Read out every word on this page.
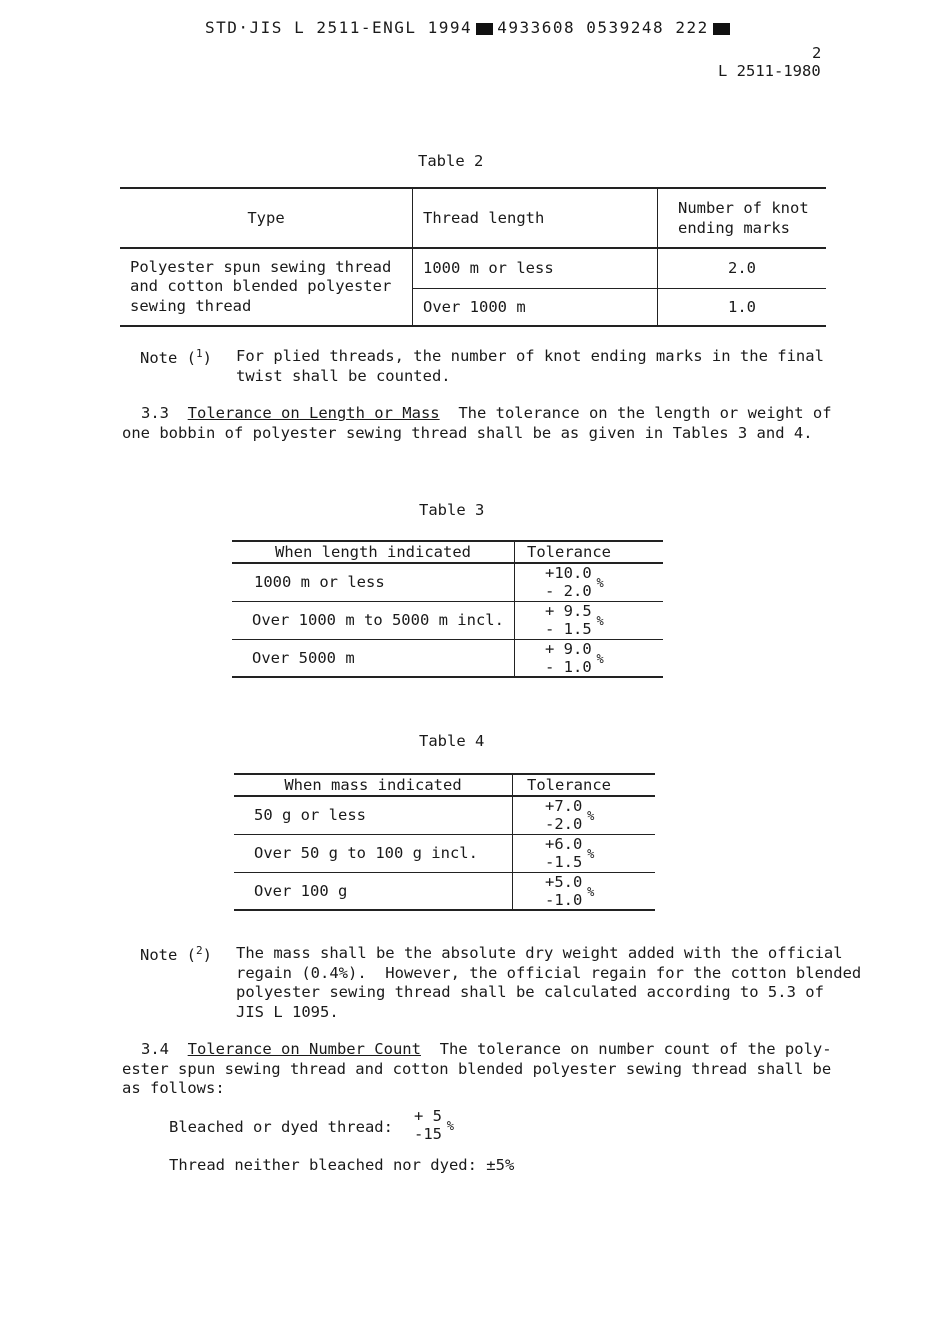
STD·JIS L 2511-ENGL 1994 4933608 0539248 222
2
L 2511-1980
Table 2
Type	Thread length	Number of knot
ending marks

Polyester spun sewing thread
and cotton blended polyester
sewing thread	1000 m or less	2.0
	Over 1000 m	1.0
Note ($^1$) For plied threads, the number of knot ending marks in the final
twist shall be counted.
3.3 Tolerance on Length or Mass The tolerance on the length or weight of
one bobbin of polyester sewing thread shall be as given in Tables 3 and 4.
Table 3
When length indicated	Tolerance
1000 m or less	+10.0
- 2.0 %

Over 1000 m to 5000 m incl.	+ 9.5
- 1.5 %

Over 5000 m	+ 9.0
- 1.0 %
Table 4
When mass indicated	Tolerance
50 g or less	+7.0
-2.0 %

Over 50 g to 100 g incl.	+6.0
-1.5 %

Over 100 g	+5.0
-1.0 %
Note ($^2$) The mass shall be the absolute dry weight added with the official
regain (0.4%).  However, the official regain for the cotton blended
polyester sewing thread shall be calculated according to 5.3 of
JIS L 1095.
3.4 Tolerance on Number Count The tolerance on number count of the poly-
ester spun sewing thread and cotton blended polyester sewing thread shall be
as follows:
Bleached or dyed thread:
+ 5
-15 %
Thread neither bleached nor dyed: ±5%
